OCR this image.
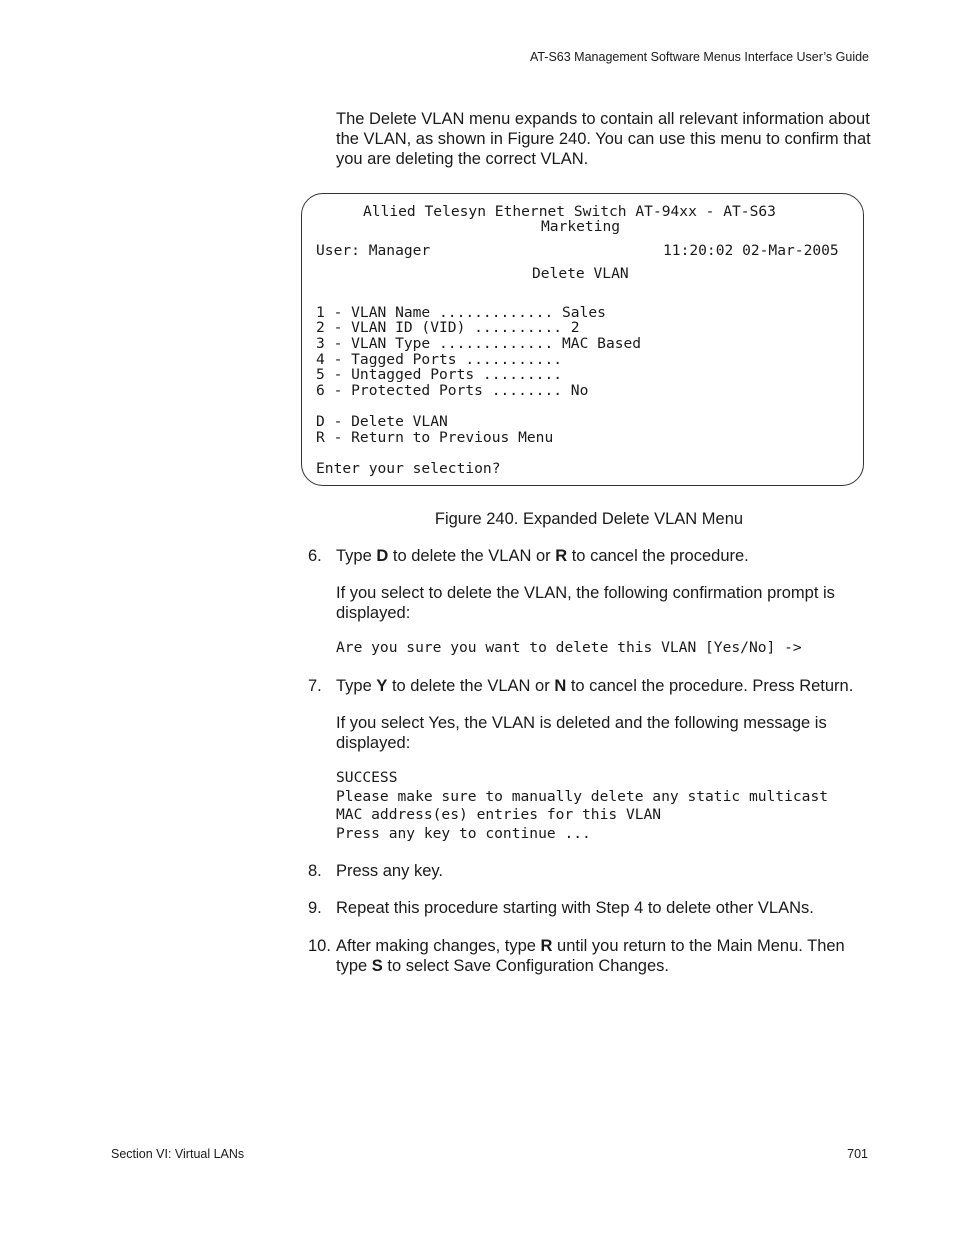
AT-S63 Management Software Menus Interface User’s Guide
The Delete VLAN menu expands to contain all relevant information about the VLAN, as shown in Figure 240. You can use this menu to confirm that you are deleting the correct VLAN.
Allied Telesyn Ethernet Switch AT-94xx - AT-S63
Marketing
User: Manager	11:20:02 02-Mar-2005
Delete VLAN
1 - VLAN Name ............. Sales
2 - VLAN ID (VID) .......... 2
3 - VLAN Type ............. MAC Based
4 - Tagged Ports ...........
5 - Untagged Ports .........
6 - Protected Ports ........ No
D - Delete VLAN
R - Return to Previous Menu
Enter your selection?
Figure 240. Expanded Delete VLAN Menu
6. Type D to delete the VLAN or R to cancel the procedure.
If you select to delete the VLAN, the following confirmation prompt is displayed:
Are you sure you want to delete this VLAN [Yes/No] ->
7. Type Y to delete the VLAN or N to cancel the procedure. Press Return.
If you select Yes, the VLAN is deleted and the following message is displayed:
SUCCESS
Please make sure to manually delete any static multicast
MAC address(es) entries for this VLAN
Press any key to continue ...
8. Press any key.
9. Repeat this procedure starting with Step 4 to delete other VLANs.
10. After making changes, type R until you return to the Main Menu. Then type S to select Save Configuration Changes.
Section VI: Virtual LANs	701
